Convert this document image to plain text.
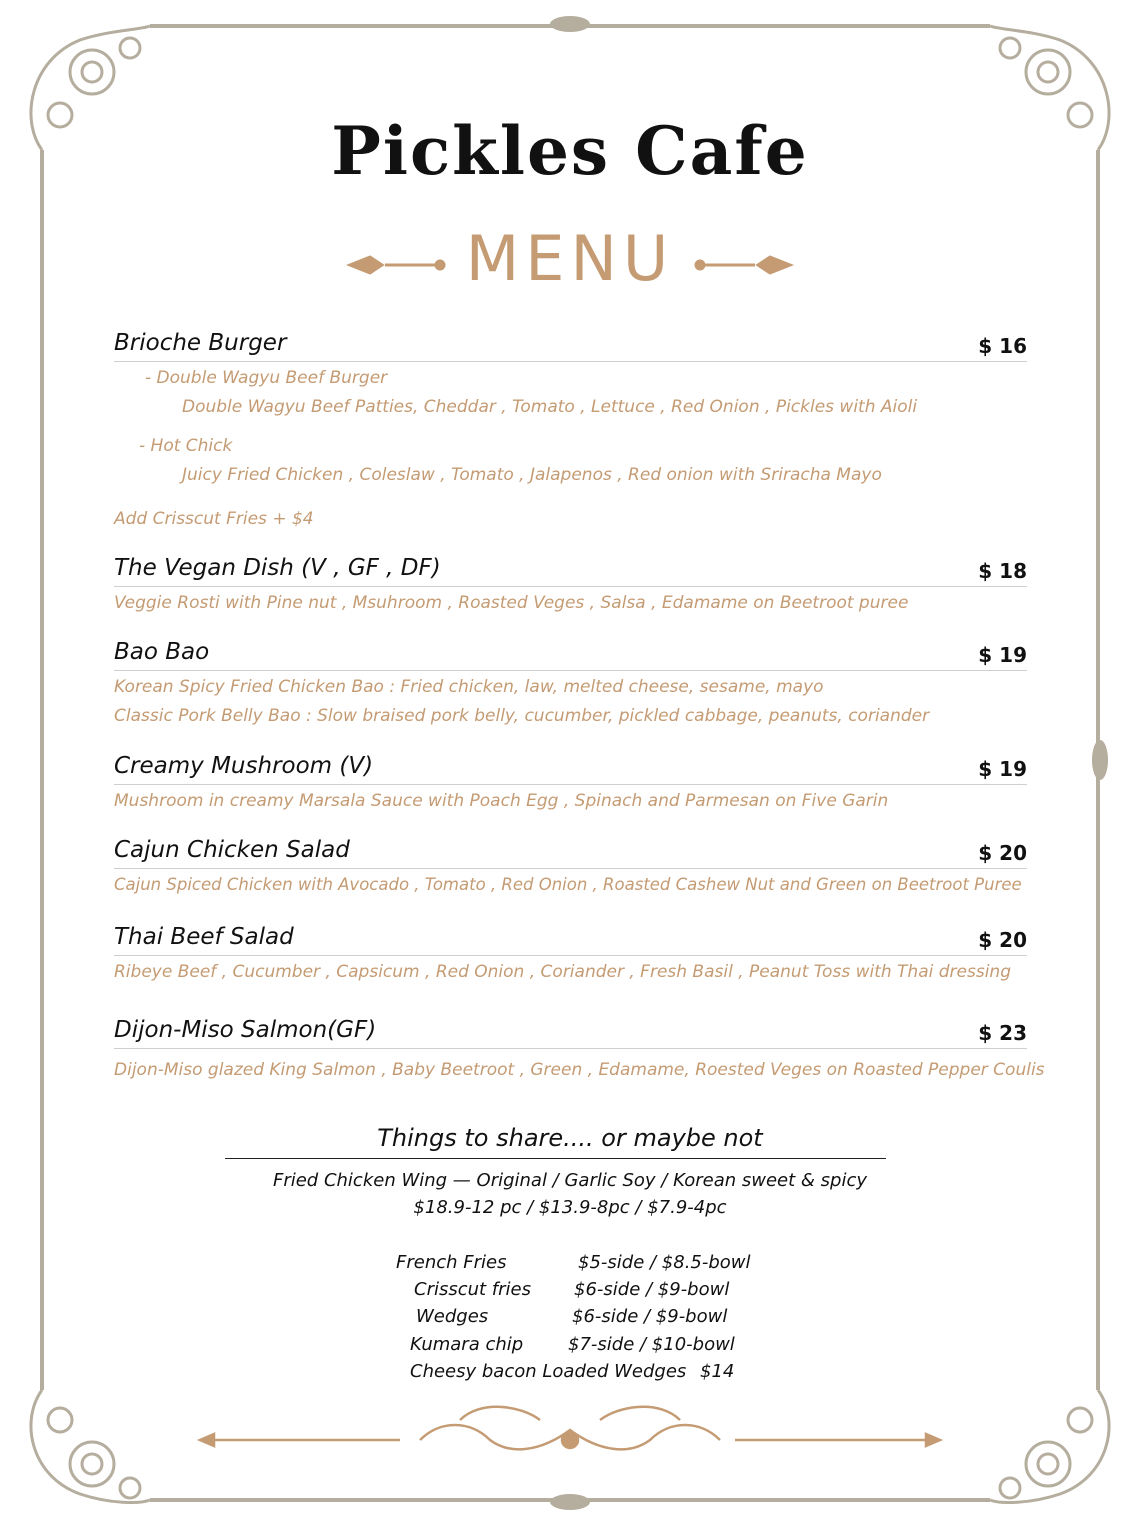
Pickles Cafe
MENU
Brioche Burger	$ 16
- Double Wagyu Beef Burger
Double Wagyu Beef Patties, Cheddar , Tomato , Lettuce , Red Onion , Pickles with Aioli
- Hot Chick
Juicy Fried Chicken , Coleslaw , Tomato , Jalapenos , Red onion with Sriracha Mayo
Add Crisscut Fries + $4
The Vegan Dish (V , GF , DF)	$ 18
Veggie Rosti with Pine nut , Msuhroom , Roasted Veges , Salsa , Edamame on Beetroot puree
Bao Bao	$ 19
Korean Spicy Fried Chicken Bao : Fried chicken, law, melted cheese, sesame, mayo
Classic Pork Belly Bao : Slow braised pork belly, cucumber, pickled cabbage, peanuts, coriander
Creamy Mushroom (V)	$ 19
Mushroom in creamy Marsala Sauce with Poach Egg , Spinach and Parmesan on Five Garin
Cajun Chicken Salad	$ 20
Cajun Spiced Chicken with Avocado , Tomato , Red Onion , Roasted Cashew Nut and Green on Beetroot Puree
Thai Beef Salad	$ 20
Ribeye Beef , Cucumber , Capsicum , Red Onion , Coriander , Fresh Basil , Peanut Toss with Thai dressing
Dijon-Miso Salmon(GF)	$ 23
Dijon-Miso glazed King Salmon , Baby Beetroot , Green , Edamame, Roested Veges on Roasted Pepper Coulis
Things to share.... or maybe not
Fried Chicken Wing — Original / Garlic Soy / Korean sweet & spicy
$18.9-12 pc / $13.9-8pc / $7.9-4pc
French Fries	$5-side / $8.5-bowl
Crisscut fries $6-side / $9-bowl
Wedges	$6-side / $9-bowl
Kumara chip $7-side / $10-bowl
Cheesy bacon Loaded Wedges $14
